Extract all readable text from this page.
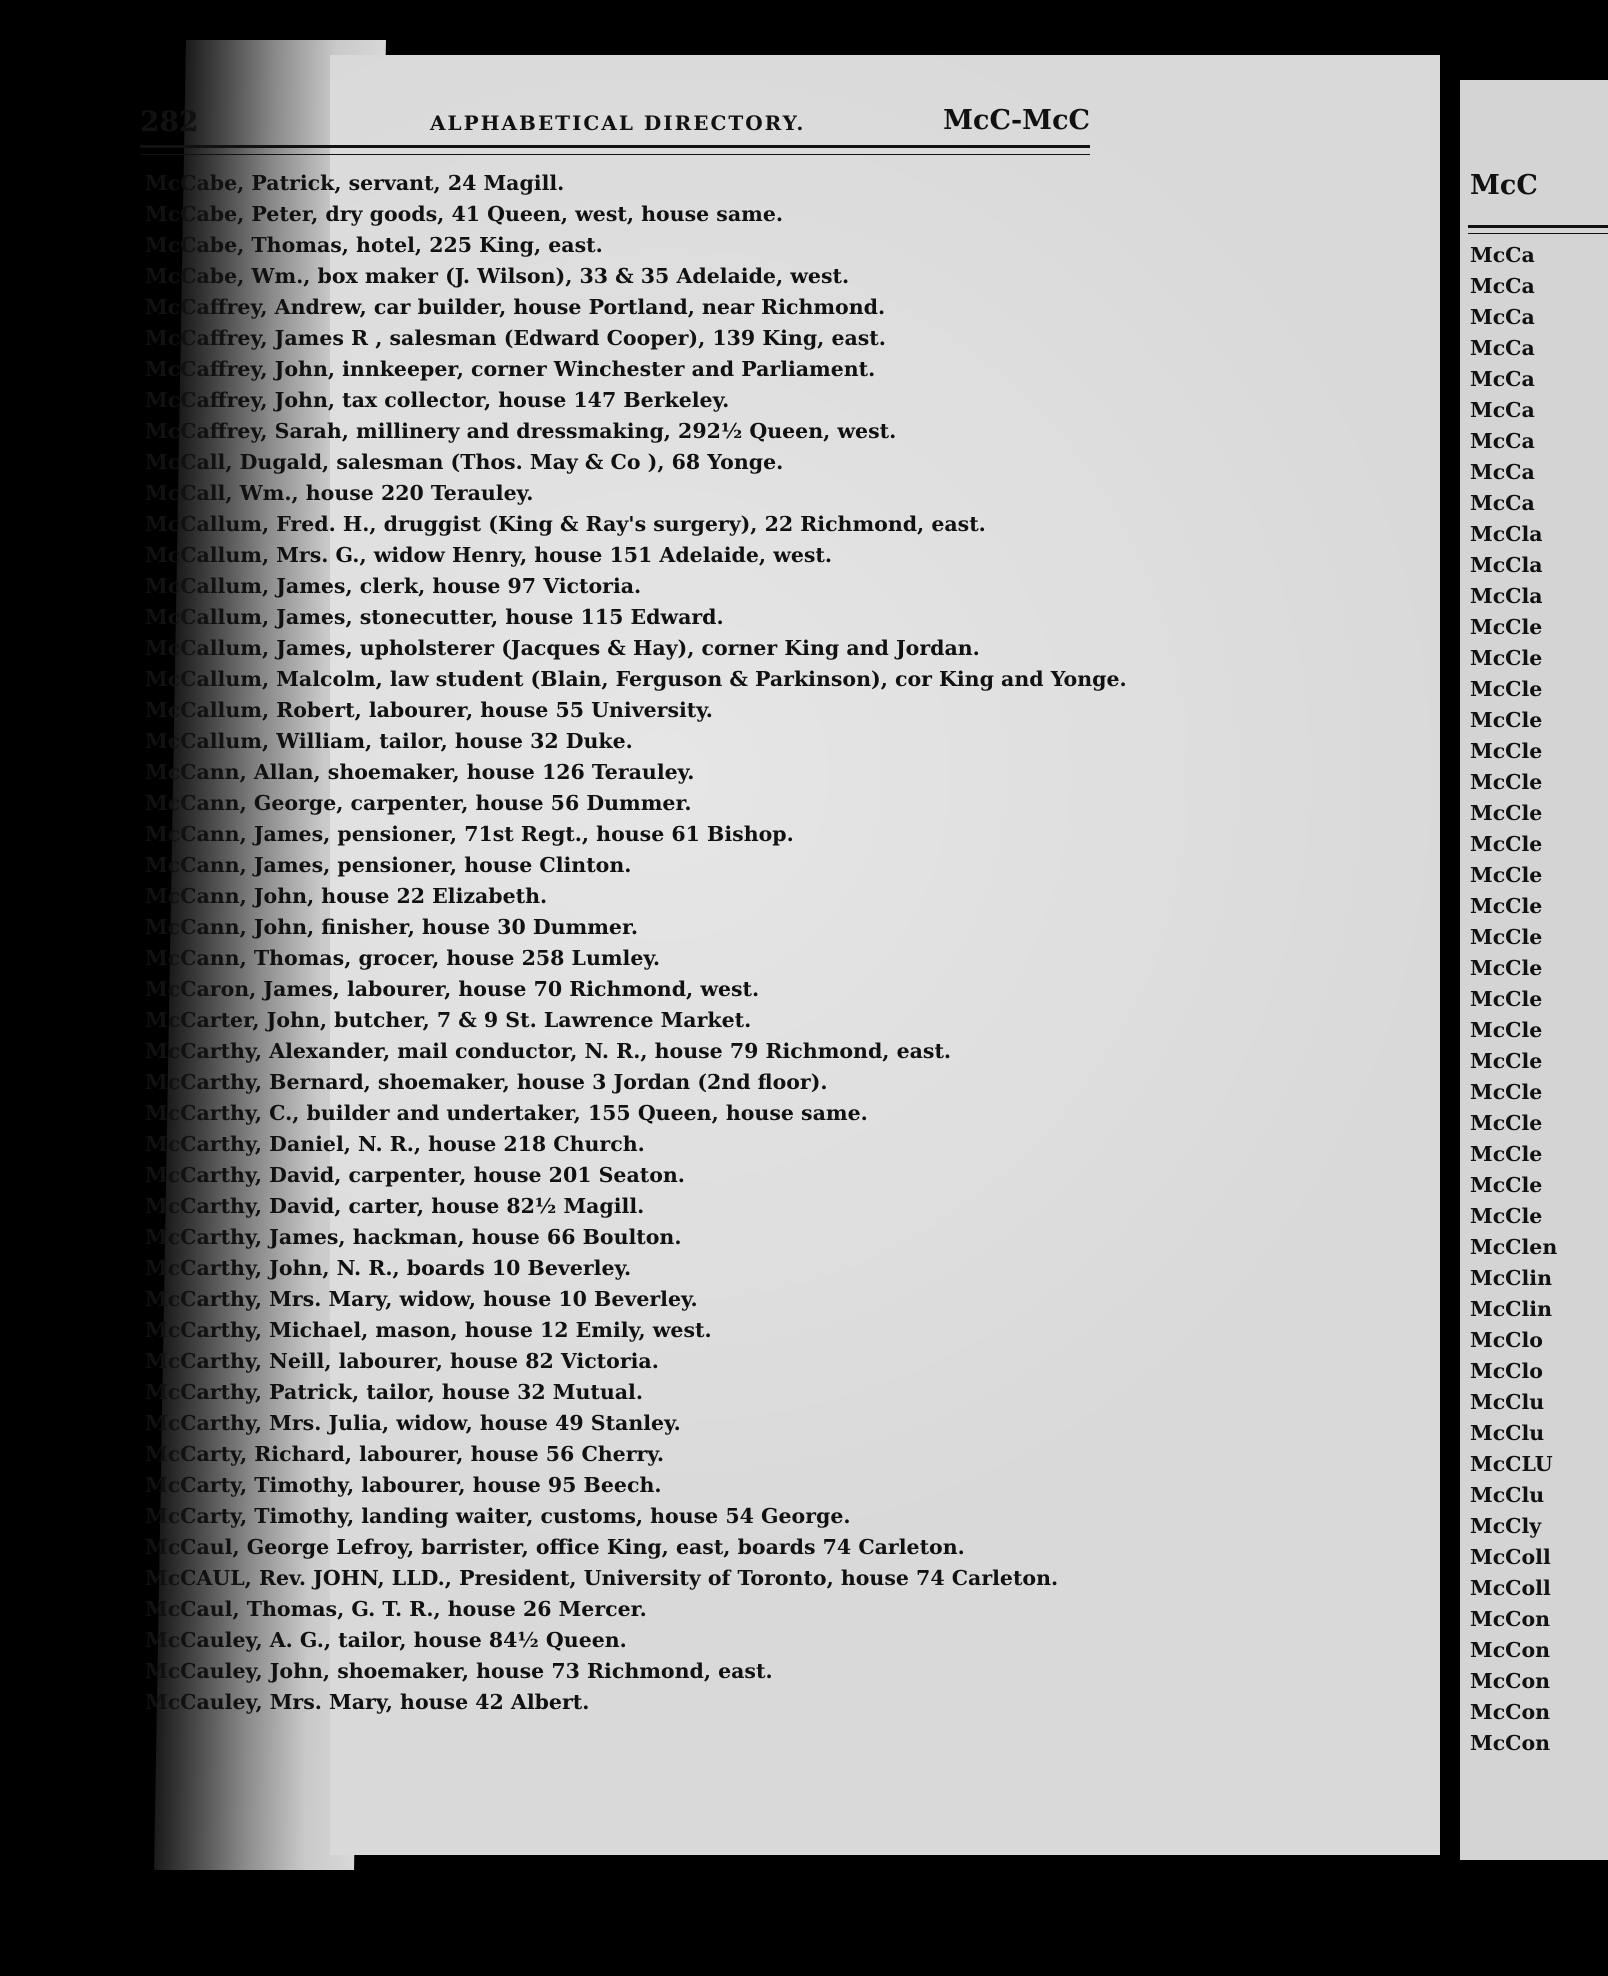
282	ALPHABETICAL DIRECTORY.	McC-McC
McCabe, Patrick, servant, 24 Magill.
McCabe, Peter, dry goods, 41 Queen, west, house same.
McCabe, Thomas, hotel, 225 King, east.
McCabe, Wm., box maker (J. Wilson), 33 & 35 Adelaide, west.
McCaffrey, Andrew, car builder, house Portland, near Richmond.
McCaffrey, James R , salesman (Edward Cooper), 139 King, east.
McCaffrey, John, innkeeper, corner Winchester and Parliament.
McCaffrey, John, tax collector, house 147 Berkeley.
McCaffrey, Sarah, millinery and dressmaking, 292½ Queen, west.
McCall, Dugald, salesman (Thos. May & Co ), 68 Yonge.
McCall, Wm., house 220 Terauley.
McCallum, Fred. H., druggist (King & Ray's surgery), 22 Richmond, east.
McCallum, Mrs. G., widow Henry, house 151 Adelaide, west.
McCallum, James, clerk, house 97 Victoria.
McCallum, James, stonecutter, house 115 Edward.
McCallum, James, upholsterer (Jacques & Hay), corner King and Jordan.
McCallum, Malcolm, law student (Blain, Ferguson & Parkinson), cor King and Yonge.
McCallum, Robert, labourer, house 55 University.
McCallum, William, tailor, house 32 Duke.
McCann, Allan, shoemaker, house 126 Terauley.
McCann, George, carpenter, house 56 Dummer.
McCann, James, pensioner, 71st Regt., house 61 Bishop.
McCann, James, pensioner, house Clinton.
McCann, John, house 22 Elizabeth.
McCann, John, finisher, house 30 Dummer.
McCann, Thomas, grocer, house 258 Lumley.
McCaron, James, labourer, house 70 Richmond, west.
McCarter, John, butcher, 7 & 9 St. Lawrence Market.
McCarthy, Alexander, mail conductor, N. R., house 79 Richmond, east.
McCarthy, Bernard, shoemaker, house 3 Jordan (2nd floor).
McCarthy, C., builder and undertaker, 155 Queen, house same.
McCarthy, Daniel, N. R., house 218 Church.
McCarthy, David, carpenter, house 201 Seaton.
McCarthy, David, carter, house 82½ Magill.
McCarthy, James, hackman, house 66 Boulton.
McCarthy, John, N. R., boards 10 Beverley.
McCarthy, Mrs. Mary, widow, house 10 Beverley.
McCarthy, Michael, mason, house 12 Emily, west.
McCarthy, Neill, labourer, house 82 Victoria.
McCarthy, Patrick, tailor, house 32 Mutual.
McCarthy, Mrs. Julia, widow, house 49 Stanley.
McCarty, Richard, labourer, house 56 Cherry.
McCarty, Timothy, labourer, house 95 Beech.
McCarty, Timothy, landing waiter, customs, house 54 George.
McCaul, George Lefroy, barrister, office King, east, boards 74 Carleton.
McCAUL, Rev. JOHN, LLD., President, University of Toronto, house 74 Carleton.
McCaul, Thomas, G. T. R., house 26 Mercer.
McCauley, A. G., tailor, house 84½ Queen.
McCauley, John, shoemaker, house 73 Richmond, east.
McCauley, Mrs. Mary, house 42 Albert.
McC
McCa
McCa
McCa
McCa
McCa
McCa
McCa
McCa
McCa
McCla
McCla
McCla
McCle
McCle
McCle
McCle
McCle
McCle
McCle
McCle
McCle
McCle
McCle
McCle
McCle
McCle
McCle
McCle
McCle
McCle
McCle
McCle
McClen
McClin
McClin
McClo
McClo
McClu
McClu
McCLU
McClu
McCly
McColl
McColl
McCon
McCon
McCon
McCon
McCon
